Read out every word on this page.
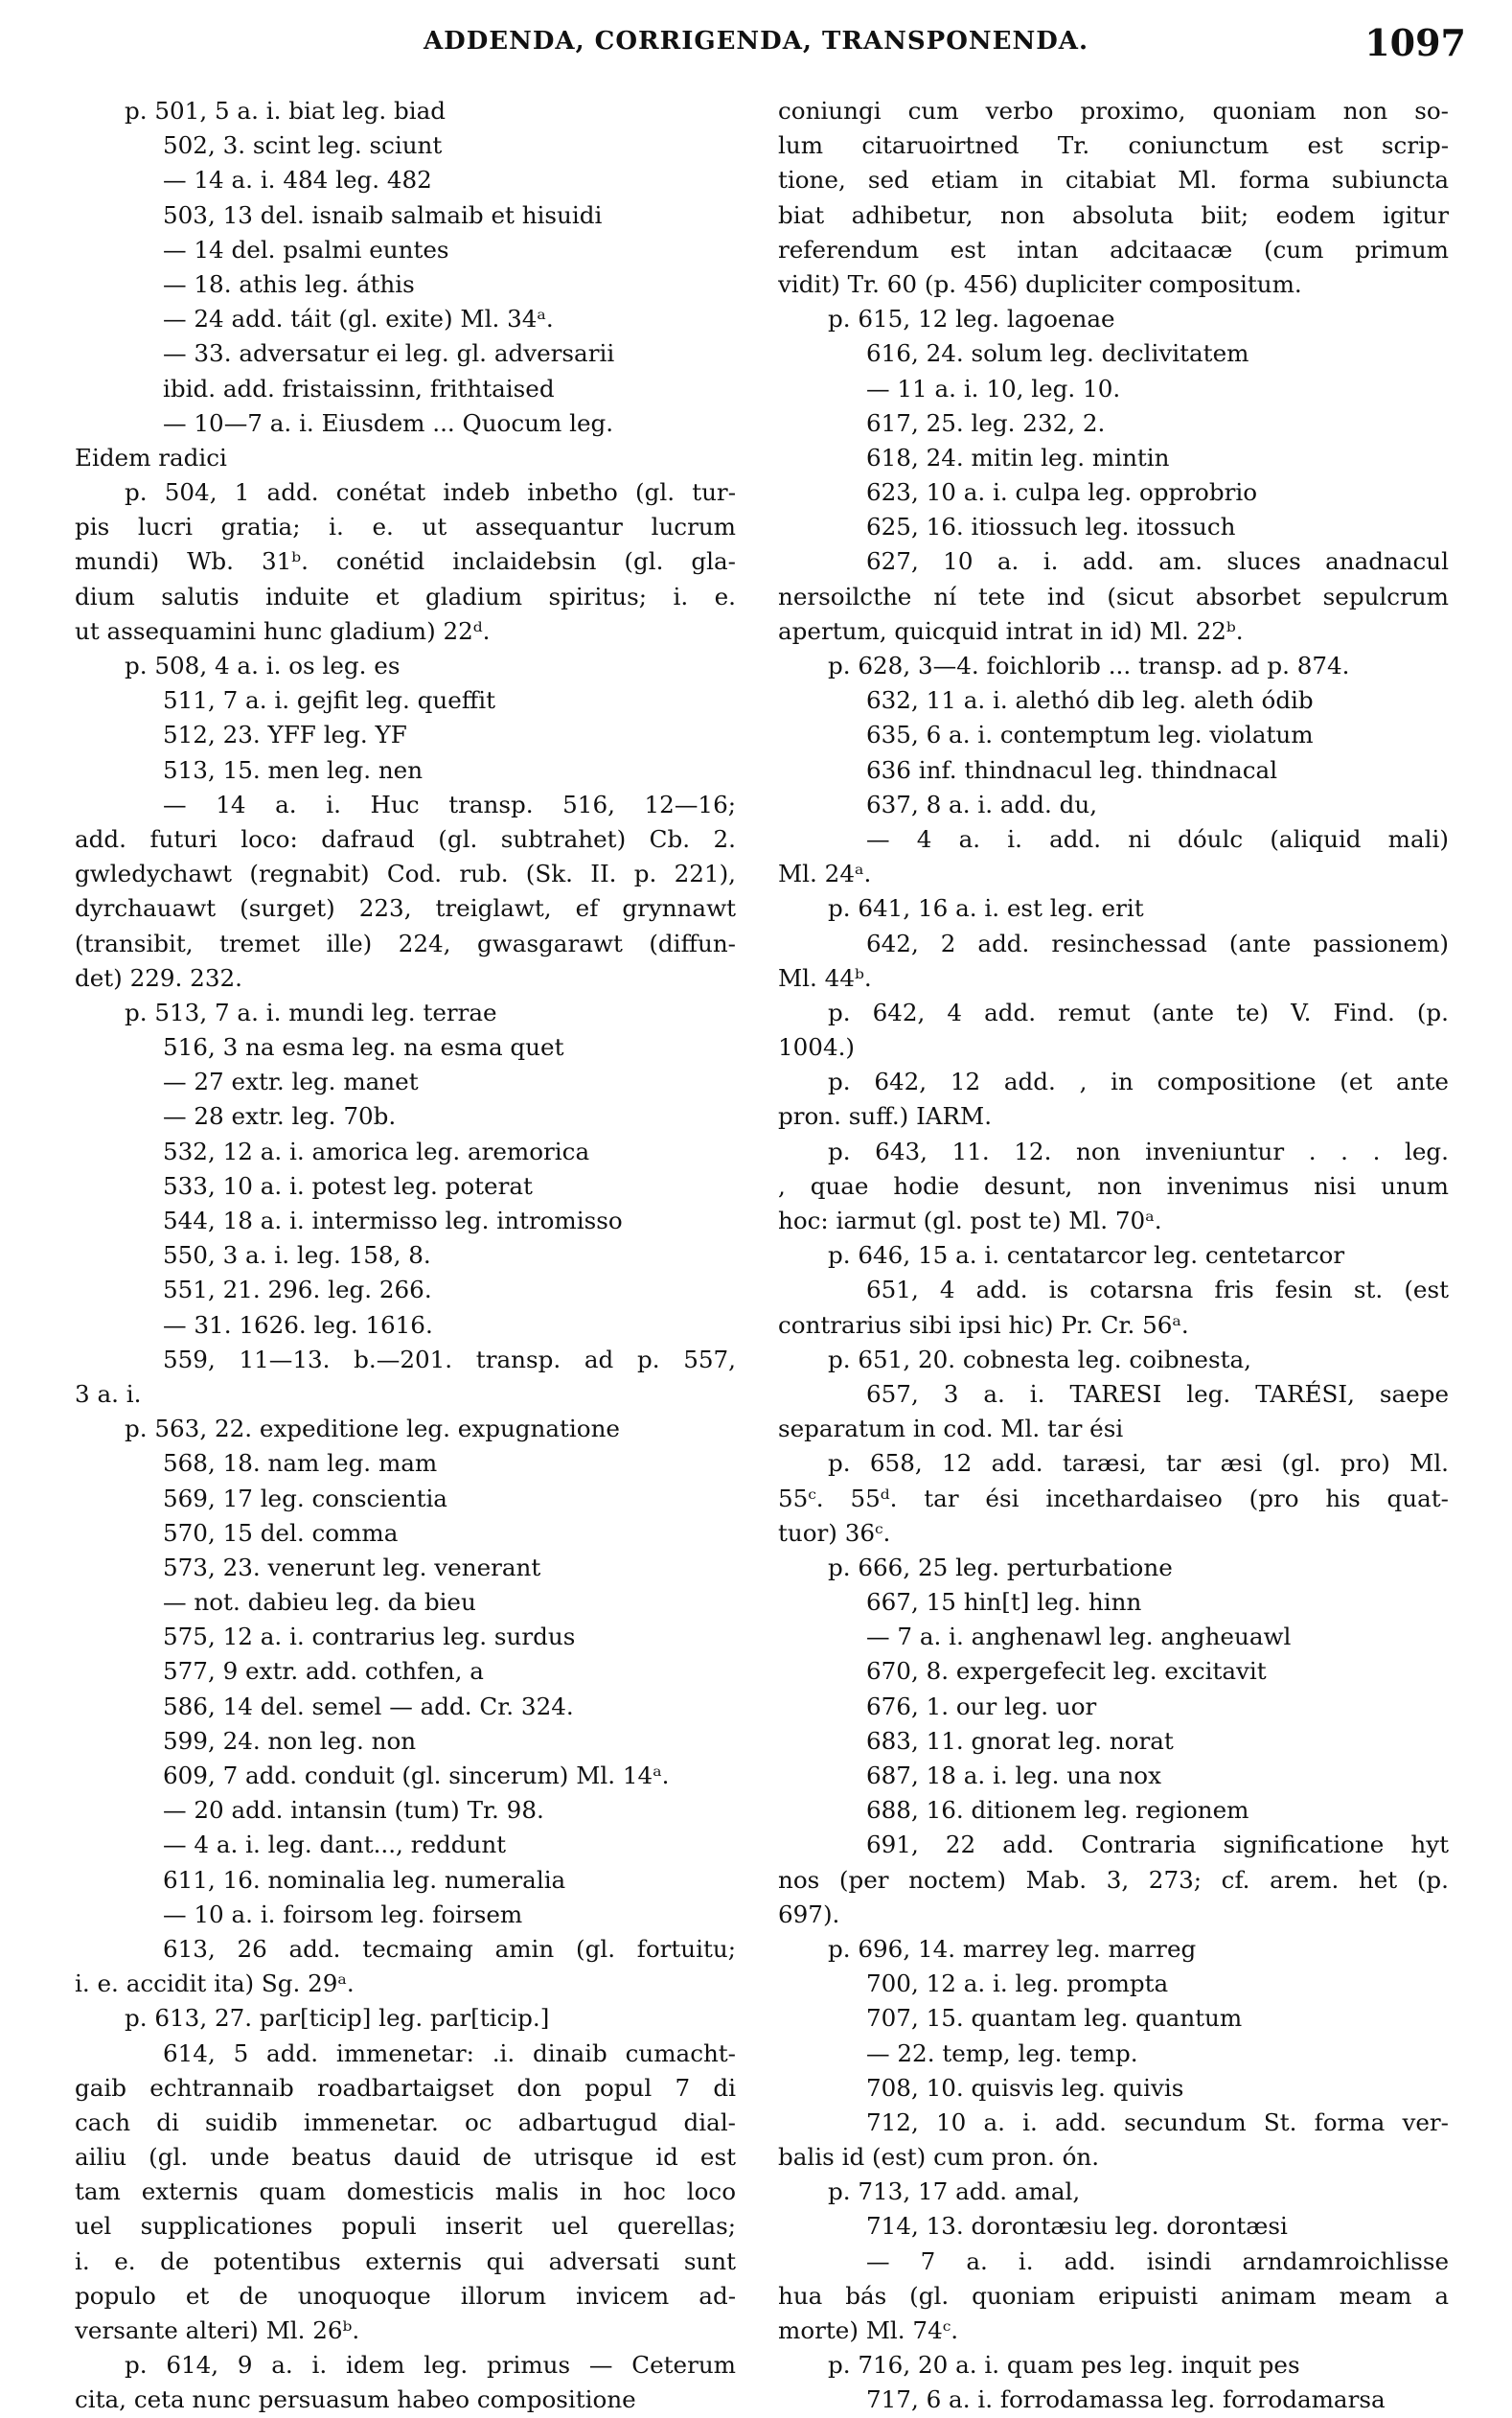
ADDENDA, CORRIGENDA, TRANSPONENDA.	1097
p. 501, 5 a. i. biat leg. biad
502, 3. scint leg. sciunt
— 14 a. i. 484 leg. 482
503, 13 del. isnaib salmaib et hisuidi
— 14 del. psalmi euntes
— 18. athis leg. áthis
— 24 add. táit (gl. exite) Ml. 34ᵃ.
— 33. adversatur ei leg. gl. adversarii
ibid. add. fristaissinn, frithtaised
— 10—7 a. i. Eiusdem ... Quocum leg.
Eidem radici
p. 504, 1 add. conétat indeb inbetho (gl. tur-
pis lucri gratia; i. e. ut assequantur lucrum
mundi) Wb. 31ᵇ. conétid inclaidebsin (gl. gla-
dium salutis induite et gladium spiritus; i. e.
ut assequamini hunc gladium) 22ᵈ.
p. 508, 4 a. i. os leg. es
511, 7 a. i. gejfit leg. queffit
512, 23. YFF leg. YF
513, 15. men leg. nen
— 14 a. i. Huc transp. 516, 12—16;
add. futuri loco: dafraud (gl. subtrahet) Cb. 2.
gwledychawt (regnabit) Cod. rub. (Sk. II. p. 221),
dyrchauawt (surget) 223, treiglawt, ef grynnawt
(transibit, tremet ille) 224, gwasgarawt (diffun-
det) 229. 232.
p. 513, 7 a. i. mundi leg. terrae
516, 3 na esma leg. na esma quet
— 27 extr. leg. manet
— 28 extr. leg. 70b.
532, 12 a. i. amorica leg. aremorica
533, 10 a. i. potest leg. poterat
544, 18 a. i. intermisso leg. intromisso
550, 3 a. i. leg. 158, 8.
551, 21. 296. leg. 266.
— 31. 1626. leg. 1616.
559, 11—13. b.—201. transp. ad p. 557,
3 a. i.
p. 563, 22. expeditione leg. expugnatione
568, 18. nam leg. mam
569, 17 leg. conscientia
570, 15 del. comma
573, 23. venerunt leg. venerant
— not. dabieu leg. da bieu
575, 12 a. i. contrarius leg. surdus
577, 9 extr. add. cothfen, a
586, 14 del. semel — add. Cr. 324.
599, 24. non leg. non
609, 7 add. conduit (gl. sincerum) Ml. 14ᵃ.
— 20 add. intansin (tum) Tr. 98.
— 4 a. i. leg. dant..., reddunt
611, 16. nominalia leg. numeralia
— 10 a. i. foirsom leg. foirsem
613, 26 add. tecmaing amin (gl. fortuitu;
i. e. accidit ita) Sg. 29ᵃ.
p. 613, 27. par[ticip] leg. par[ticip.]
614, 5 add. immenetar: .i. dinaib cumacht-
gaib echtrannaib roadbartaigset don popul 7 di
cach di suidib immenetar. oc adbartugud dial-
ailiu (gl. unde beatus dauid de utrisque id est
tam externis quam domesticis malis in hoc loco
uel supplicationes populi inserit uel querellas;
i. e. de potentibus externis qui adversati sunt
populo et de unoquoque illorum invicem ad-
versante alteri) Ml. 26ᵇ.
p. 614, 9 a. i. idem leg. primus — Ceterum
cita, ceta nunc persuasum habeo compositione
coniungi cum verbo proximo, quoniam non so-
lum citaruoirtned Tr. coniunctum est scrip-
tione, sed etiam in citabiat Ml. forma subiuncta
biat adhibetur, non absoluta biit; eodem igitur
referendum est intan adcitaacæ (cum primum
vidit) Tr. 60 (p. 456) dupliciter compositum.
p. 615, 12 leg. lagoenae
616, 24. solum leg. declivitatem
— 11 a. i. 10, leg. 10.
617, 25. leg. 232, 2.
618, 24. mitin leg. mintin
623, 10 a. i. culpa leg. opprobrio
625, 16. itiossuch leg. itossuch
627, 10 a. i. add. am. sluces anadnacul
nersoilcthe ní tete ind (sicut absorbet sepulcrum
apertum, quicquid intrat in id) Ml. 22ᵇ.
p. 628, 3—4. foichlorib ... transp. ad p. 874.
632, 11 a. i. alethó dib leg. aleth ódib
635, 6 a. i. contemptum leg. violatum
636 inf. thindnacul leg. thindnacal
637, 8 a. i. add. du,
— 4 a. i. add. ni dóulc (aliquid mali)
Ml. 24ᵃ.
p. 641, 16 a. i. est leg. erit
642, 2 add. resinchessad (ante passionem)
Ml. 44ᵇ.
p. 642, 4 add. remut (ante te) V. Find. (p.
1004.)
p. 642, 12 add. , in compositione (et ante
pron. suff.) IARM.
p. 643, 11. 12. non inveniuntur . . . leg.
, quae hodie desunt, non invenimus nisi unum
hoc: iarmut (gl. post te) Ml. 70ᵃ.
p. 646, 15 a. i. centatarcor leg. centetarcor
651, 4 add. is cotarsna fris fesin st. (est
contrarius sibi ipsi hic) Pr. Cr. 56ᵃ.
p. 651, 20. cobnesta leg. coibnesta,
657, 3 a. i. TARESI leg. TARÉSI, saepe
separatum in cod. Ml. tar ési
p. 658, 12 add. taræsi, tar æsi (gl. pro) Ml.
55ᶜ. 55ᵈ. tar ési incethardaiseo (pro his quat-
tuor) 36ᶜ.
p. 666, 25 leg. perturbatione
667, 15 hin[t] leg. hinn
— 7 a. i. anghenawl leg. angheuawl
670, 8. expergefecit leg. excitavit
676, 1. our leg. uor
683, 11. gnorat leg. norat
687, 18 a. i. leg. una nox
688, 16. ditionem leg. regionem
691, 22 add. Contraria significatione hyt
nos (per noctem) Mab. 3, 273; cf. arem. het (p.
697).
p. 696, 14. marrey leg. marreg
700, 12 a. i. leg. prompta
707, 15. quantam leg. quantum
— 22. temp, leg. temp.
708, 10. quisvis leg. quivis
712, 10 a. i. add. secundum St. forma ver-
balis id (est) cum pron. ón.
p. 713, 17 add. amal,
714, 13. dorontæsiu leg. dorontæsi
— 7 a. i. add. isindi arndamroichlisse
hua bás (gl. quoniam eripuisti animam meam a
morte) Ml. 74ᶜ.
p. 716, 20 a. i. quam pes leg. inquit pes
717, 6 a. i. forrodamassa leg. forrodamarsa
